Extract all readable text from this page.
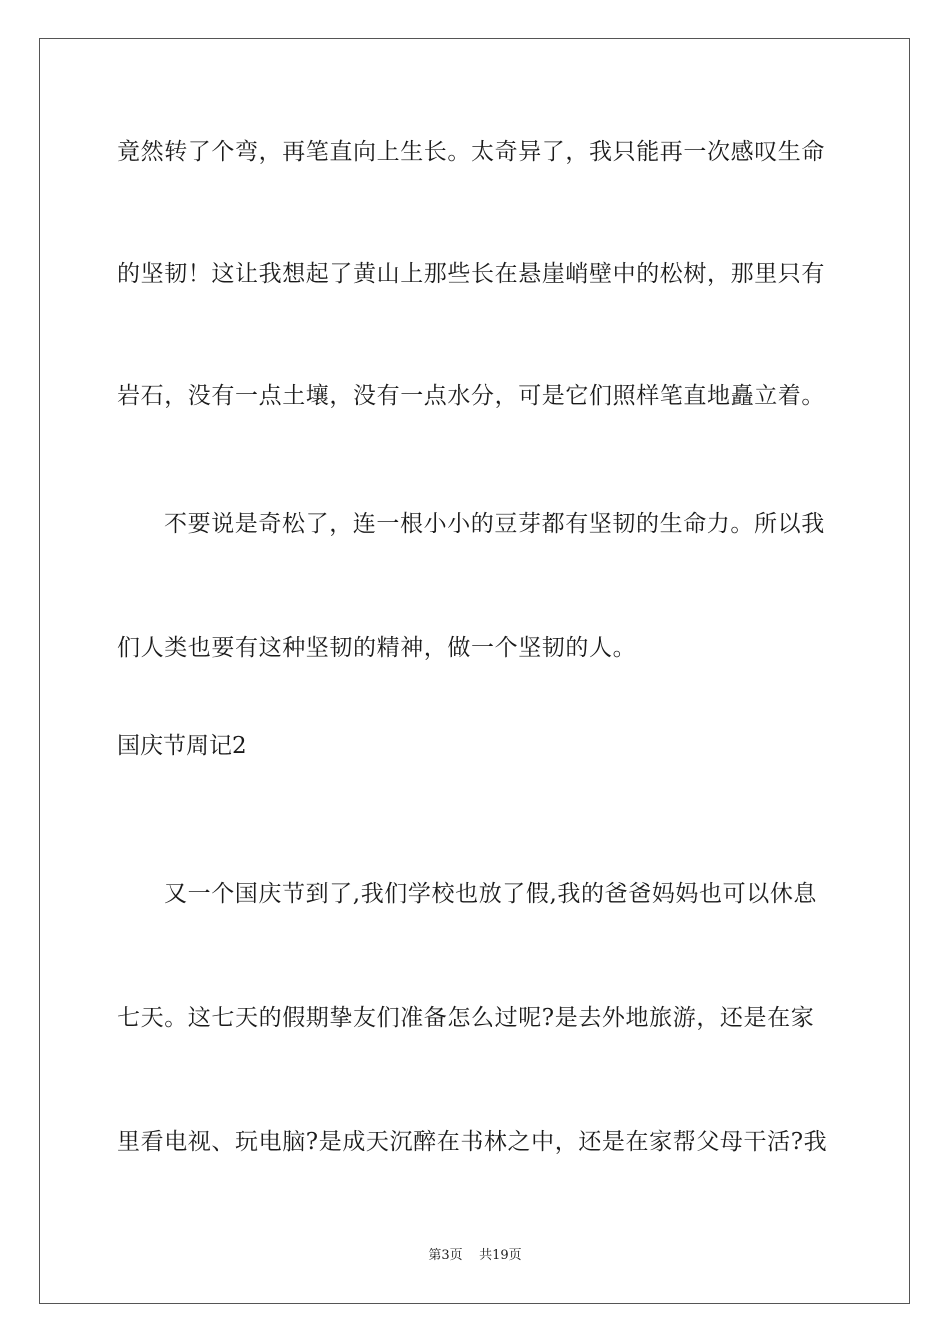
竟然转了个弯，再笔直向上生长。太奇异了，我只能再一次感叹生命
的坚韧！这让我想起了黄山上那些长在悬崖峭壁中的松树，那里只有
岩石，没有一点土壤，没有一点水分，可是它们照样笔直地矗立着。
不要说是奇松了，连一根小小的豆芽都有坚韧的生命力。所以我
们人类也要有这种坚韧的精神，做一个坚韧的人。
国庆节周记2
又一个国庆节到了,我们学校也放了假,我的爸爸妈妈也可以休息
七天。这七天的假期挚友们准备怎么过呢?是去外地旅游，还是在家
里看电视、玩电脑?是成天沉醉在书林之中，还是在家帮父母干活?我
第3页    共19页
